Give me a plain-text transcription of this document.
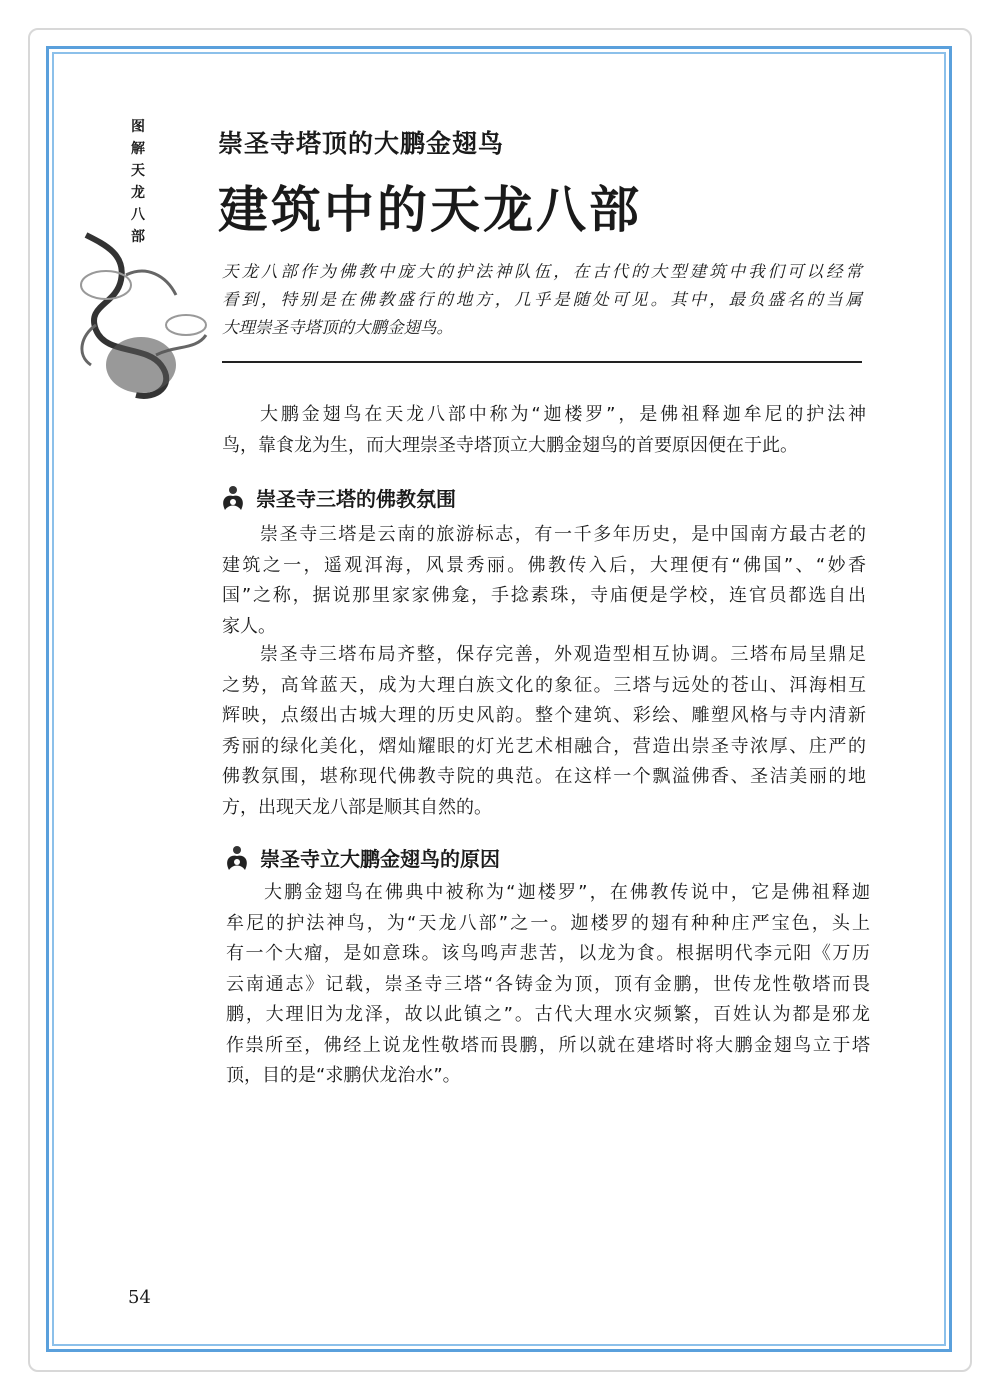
图
解
天
龙
八
部
崇圣寺塔顶的大鹏金翅鸟
建筑中的天龙八部
天龙八部作为佛教中庞大的护法神队伍，在古代的大型建筑中我们可以经常
看到，特别是在佛教盛行的地方，几乎是随处可见。其中，最负盛名的当属
大理崇圣寺塔顶的大鹏金翅鸟。
大鹏金翅鸟在天龙八部中称为“迦楼罗”，是佛祖释迦牟尼的护法神
鸟，靠食龙为生，而大理崇圣寺塔顶立大鹏金翅鸟的首要原因便在于此。
崇圣寺三塔的佛教氛围
崇圣寺三塔是云南的旅游标志，有一千多年历史，是中国南方最古老的
建筑之一，遥观洱海，风景秀丽。佛教传入后，大理便有“佛国”、“妙香
国”之称，据说那里家家佛龛，手捻素珠，寺庙便是学校，连官员都选自出
家人。
崇圣寺三塔布局齐整，保存完善，外观造型相互协调。三塔布局呈鼎足
之势，高耸蓝天，成为大理白族文化的象征。三塔与远处的苍山、洱海相互
辉映，点缀出古城大理的历史风韵。整个建筑、彩绘、雕塑风格与寺内清新
秀丽的绿化美化，熠灿耀眼的灯光艺术相融合，营造出崇圣寺浓厚、庄严的
佛教氛围，堪称现代佛教寺院的典范。在这样一个飘溢佛香、圣洁美丽的地
方，出现天龙八部是顺其自然的。
崇圣寺立大鹏金翅鸟的原因
大鹏金翅鸟在佛典中被称为“迦楼罗”，在佛教传说中，它是佛祖释迦
牟尼的护法神鸟，为“天龙八部”之一。迦楼罗的翅有种种庄严宝色，头上
有一个大瘤，是如意珠。该鸟鸣声悲苦，以龙为食。根据明代李元阳《万历
云南通志》记载，崇圣寺三塔“各铸金为顶，顶有金鹏，世传龙性敬塔而畏
鹏，大理旧为龙泽，故以此镇之”。古代大理水灾频繁，百姓认为都是邪龙
作祟所至，佛经上说龙性敬塔而畏鹏，所以就在建塔时将大鹏金翅鸟立于塔
顶，目的是“求鹏伏龙治水”。
54
